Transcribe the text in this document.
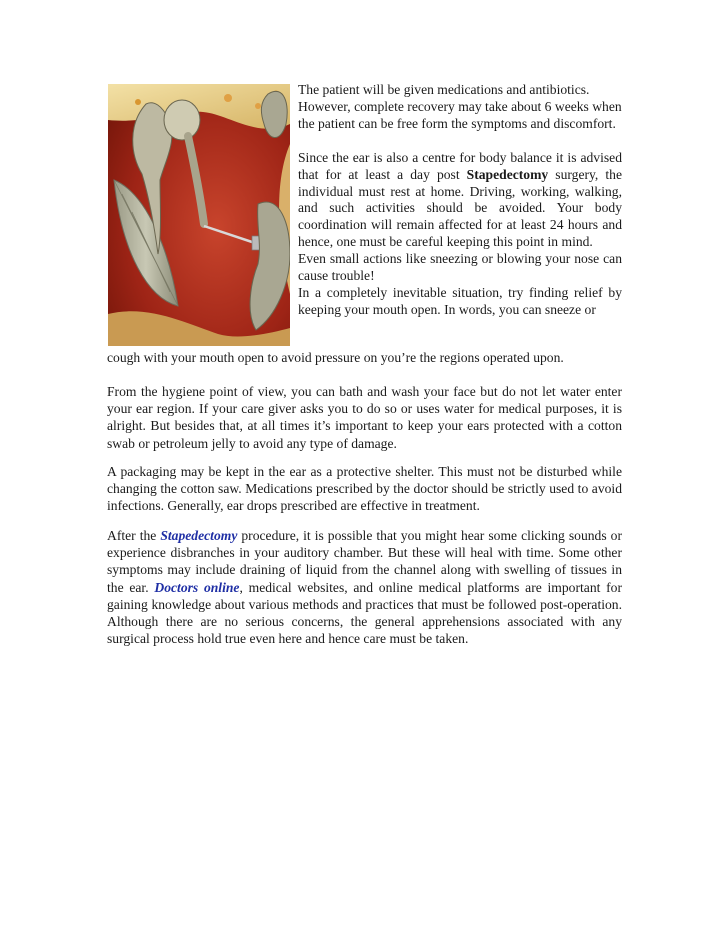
The patient will be given medications and antibiotics. However, complete recovery may take about 6 weeks when the patient can be free form the symptoms and discomfort.

Since the ear is also a centre for body balance it is advised that for at least a day post Stapedectomy surgery, the individual must rest at home. Driving, working, walking, and such activities should be avoided. Your body coordination will remain affected for at least 24 hours and hence, one must be careful keeping this point in mind.

Even small actions like sneezing or blowing your nose can cause trouble!

In a completely inevitable situation, try finding relief by keeping your mouth open. In words, you can sneeze or

cough with your mouth open to avoid pressure on you’re the regions operated upon.

From the hygiene point of view, you can bath and wash your face but do not let water enter your ear region. If your care giver asks you to do so or uses water for medical purposes, it is alright. But besides that, at all times it’s important to keep your ears protected with a cotton swab or petroleum jelly to avoid any type of damage.

A packaging may be kept in the ear as a protective shelter. This must not be disturbed while changing the cotton saw. Medications prescribed by the doctor should be strictly used to avoid infections. Generally, ear drops prescribed are effective in treatment.

After the Stapedectomy procedure, it is possible that you might hear some clicking sounds or experience disbranches in your auditory chamber. But these will heal with time. Some other symptoms may include draining of liquid from the channel along with swelling of tissues in the ear. Doctors online, medical websites, and online medical platforms are important for gaining knowledge about various methods and practices that must be followed post-operation. Although there are no serious concerns, the general apprehensions associated with any surgical process hold true even here and hence care must be taken.
